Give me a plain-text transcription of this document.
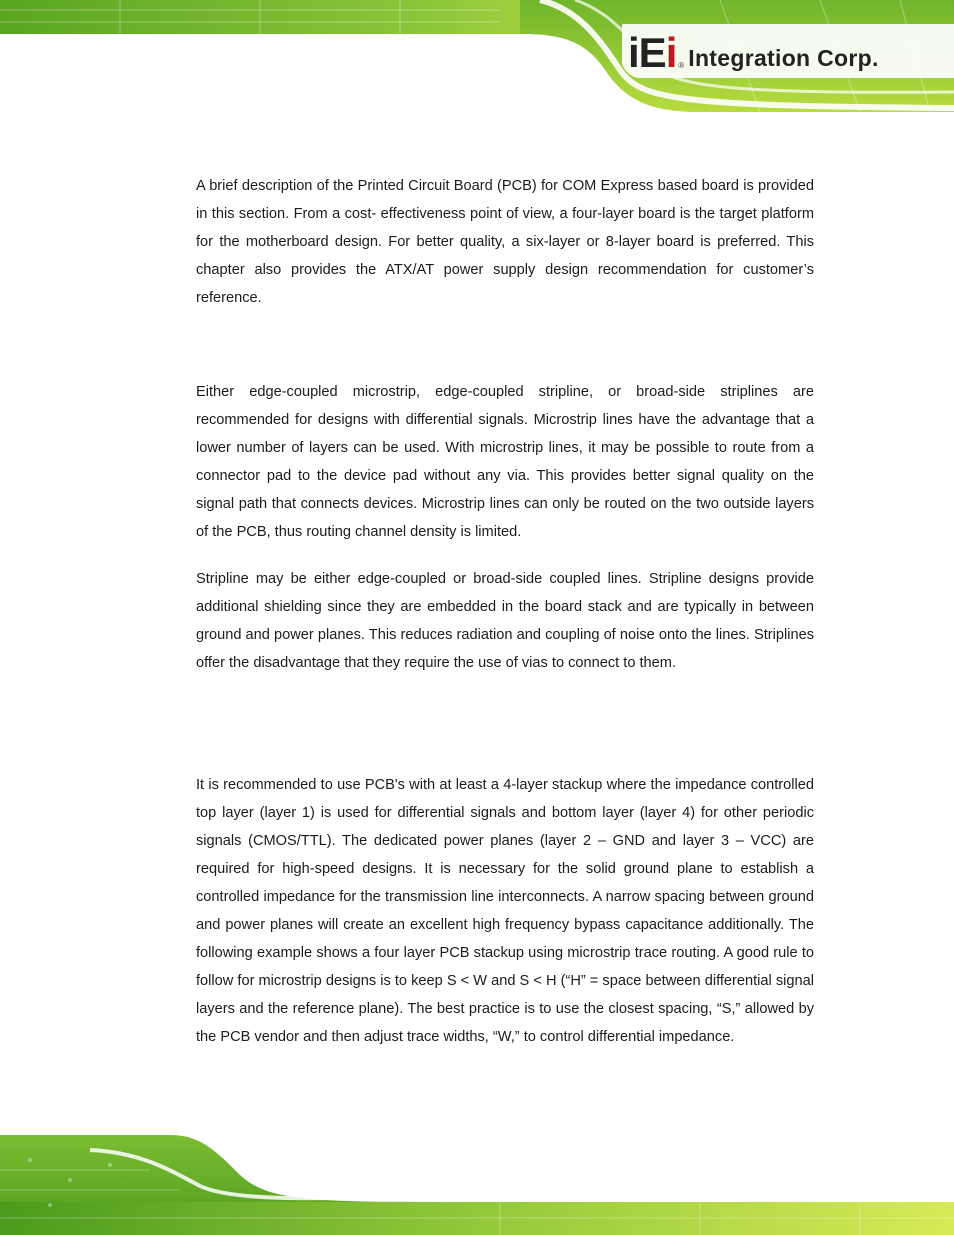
iEi ® Integration Corp.

A brief description of the Printed Circuit Board (PCB) for COM Express based board is provided in this section. From a cost- effectiveness point of view, a four-layer board is the target platform for the motherboard design. For better quality, a six-layer or 8-layer board is preferred. This chapter also provides the ATX/AT power supply design recommendation for customer’s reference.

Either edge-coupled microstrip, edge-coupled stripline, or broad-side striplines are recommended for designs with differential signals. Microstrip lines have the advantage that a lower number of layers can be used. With microstrip lines, it may be possible to route from a connector pad to the device pad without any via. This provides better signal quality on the signal path that connects devices. Microstrip lines can only be routed on the two outside layers of the PCB, thus routing channel density is limited.

Stripline may be either edge-coupled or broad-side coupled lines. Stripline designs provide additional shielding since they are embedded in the board stack and are typically in between ground and power planes. This reduces radiation and coupling of noise onto the lines. Striplines offer the disadvantage that they require the use of vias to connect to them.

It is recommended to use PCB's with at least a 4-layer stackup where the impedance controlled top layer (layer 1) is used for differential signals and bottom layer (layer 4) for other periodic signals (CMOS/TTL). The dedicated power planes (layer 2 – GND and layer 3 – VCC) are required for high-speed designs. It is necessary for the solid ground plane to establish a controlled impedance for the transmission line interconnects. A narrow spacing between ground and power planes will create an excellent high frequency bypass capacitance additionally. The following example shows a four layer PCB stackup using microstrip trace routing. A good rule to follow for microstrip designs is to keep S < W and S < H (“H” = space between differential signal layers and the reference plane). The best practice is to use the closest spacing, “S,” allowed by the PCB vendor and then adjust trace widths, “W,” to control differential impedance.
